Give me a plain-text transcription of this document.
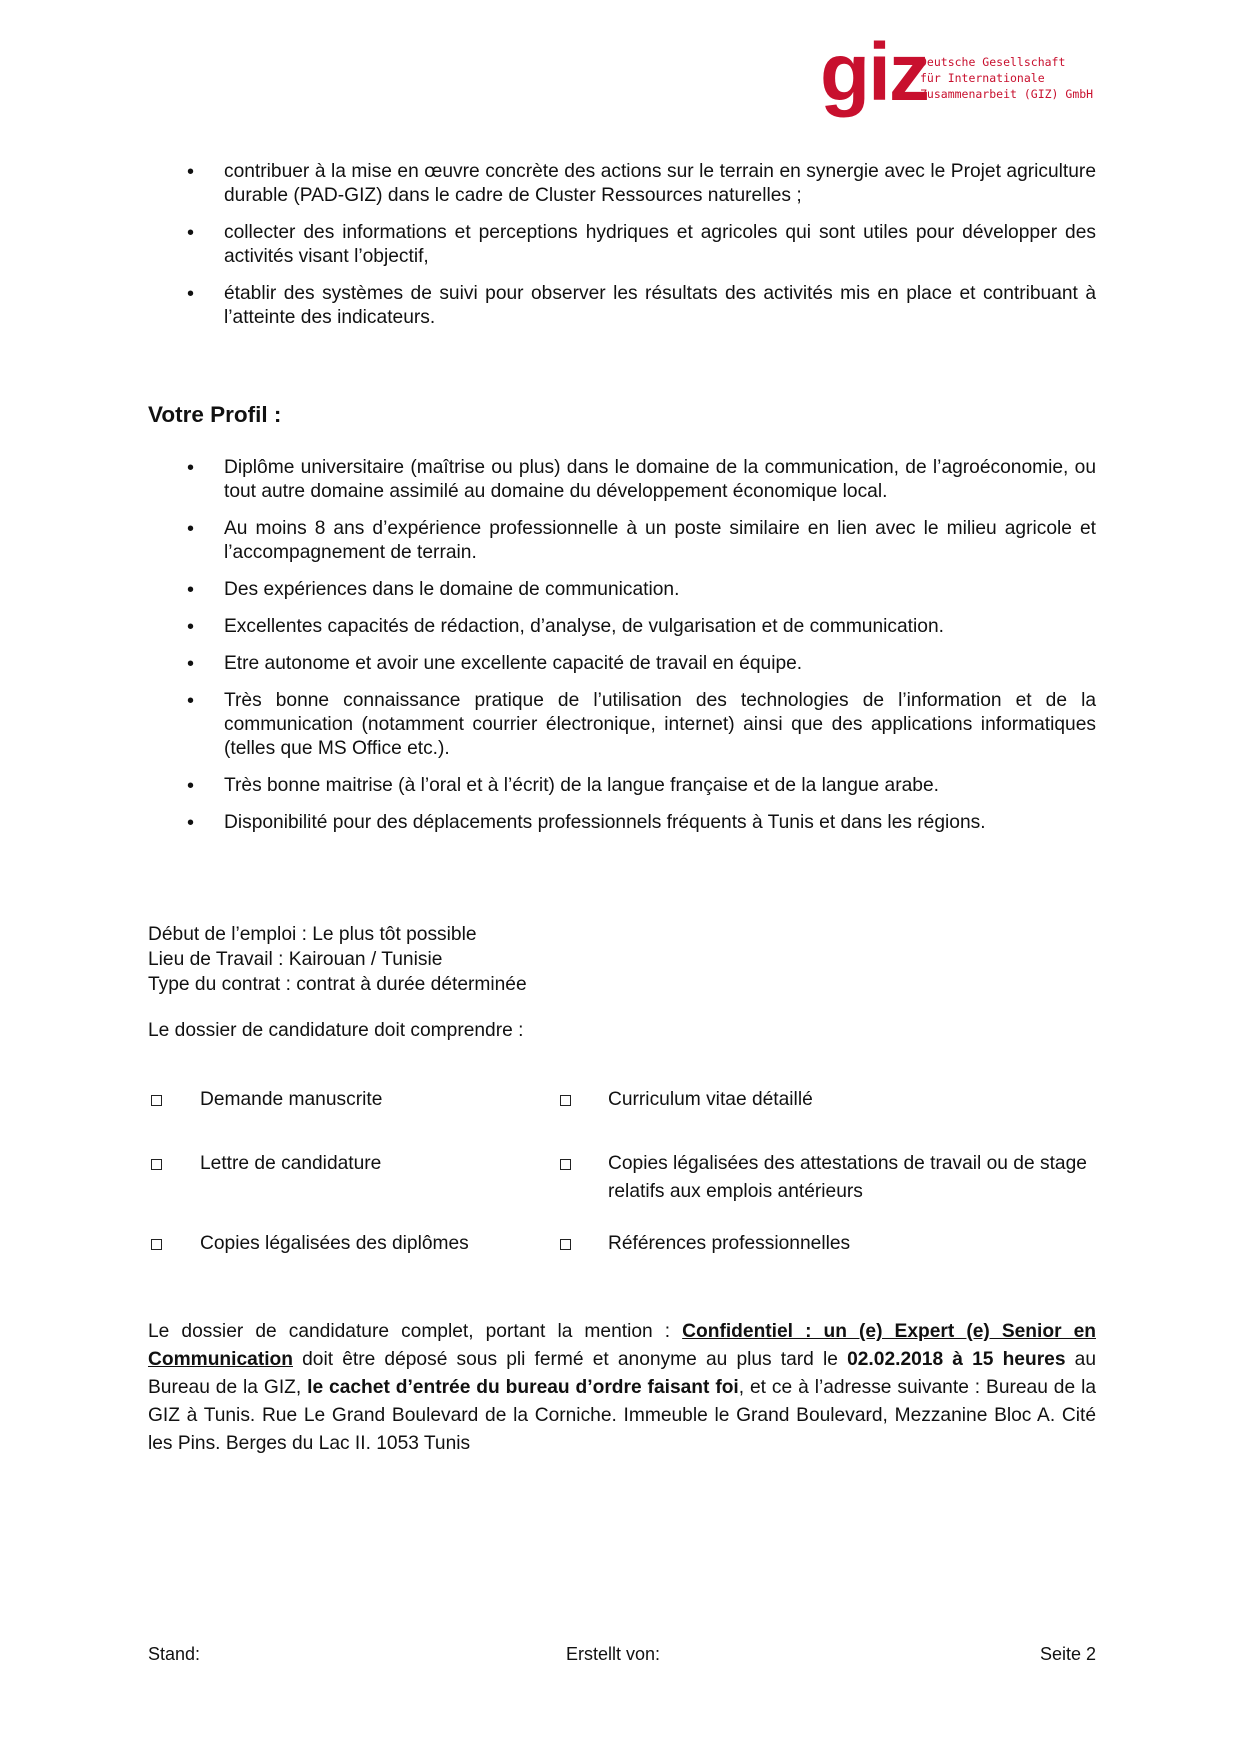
giz
Deutsche Gesellschaft
für Internationale
Zusammenarbeit (GIZ) GmbH
• contribuer à la mise en œuvre concrète des actions sur le terrain en synergie avec le Projet agriculture durable (PAD-GIZ) dans le cadre de Cluster Ressources naturelles ;
• collecter des informations et perceptions hydriques et agricoles qui sont utiles pour développer des activités visant l’objectif,
• établir des systèmes de suivi pour observer les résultats des activités mis en place et contribuant à l’atteinte des indicateurs.
Votre Profil :
• Diplôme universitaire (maîtrise ou plus) dans le domaine de la communication, de l’agroéconomie, ou tout autre domaine assimilé au domaine du développement économique local.
• Au moins 8 ans d’expérience professionnelle à un poste similaire en lien avec le milieu agricole et l’accompagnement de terrain.
• Des expériences dans le domaine de communication.
• Excellentes capacités de rédaction, d’analyse, de vulgarisation et de communication.
• Etre autonome et avoir une excellente capacité de travail en équipe.
• Très bonne connaissance pratique de l’utilisation des technologies de l’information et de la communication (notamment courrier électronique, internet) ainsi que des applications informatiques (telles que MS Office etc.).
• Très bonne maitrise (à l’oral et à l’écrit) de la langue française et de la langue arabe.
• Disponibilité pour des déplacements professionnels fréquents à Tunis et dans les régions.
Début de l’emploi : Le plus tôt possible
Lieu de Travail : Kairouan / Tunisie
Type du contrat : contrat à durée déterminée
Le dossier de candidature doit comprendre :
Demande manuscrite	Curriculum vitae détaillé
Lettre de candidature	Copies légalisées des attestations de travail ou de stage relatifs aux emplois antérieurs
Copies légalisées des diplômes	Références professionnelles
Le dossier de candidature complet, portant la mention : Confidentiel : un (e) Expert (e) Senior en Communication doit être déposé sous pli fermé et anonyme au plus tard le 02.02.2018 à 15 heures au Bureau de la GIZ, le cachet d’entrée du bureau d’ordre faisant foi, et ce à l’adresse suivante : Bureau de la GIZ à Tunis. Rue Le Grand Boulevard de la Corniche. Immeuble le Grand Boulevard, Mezzanine Bloc A. Cité les Pins. Berges du Lac II. 1053 Tunis
Stand:	Erstellt von:	Seite 2
